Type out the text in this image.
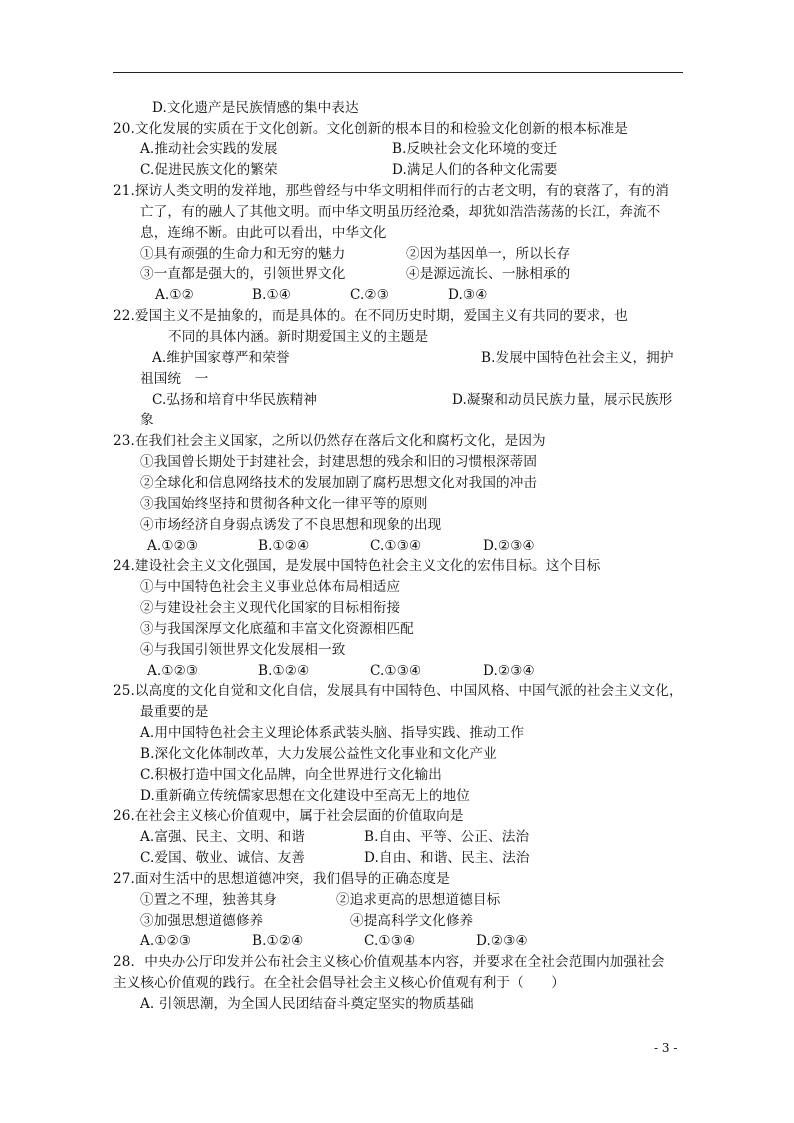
D.文化遗产是民族情感的集中表达
20.文化发展的实质在于文化创新。文化创新的根本目的和检验文化创新的根本标准是
A.推动社会实践的发展	B.反映社会文化环境的变迁
C.促进民族文化的繁荣	D.满足人们的各种文化需要
21.探访人类文明的发祥地，那些曾经与中华文明相伴而行的古老文明，有的衰落了，有的消
亡了，有的融人了其他文明。而中华文明虽历经沧桑，却犹如浩浩荡荡的长江，奔流不
息，连绵不断。由此可以看出，中华文化
①具有顽强的生命力和无穷的魅力	②因为基因单一，所以长存
③一直都是强大的，引领世界文化	④是源远流长、一脉相承的
A.①②	B.①④	C.②③	D.③④
22.爱国主义不是抽象的，而是具体的。在不同历史时期，爱国主义有共同的要求，也
不同的具体内涵。新时期爱国主义的主题是
A.维护国家尊严和荣誉	B.发展中国特色社会主义，拥护
祖国统　一
C.弘扬和培育中华民族精神	D.凝聚和动员民族力量，展示民族形
象
23.在我们社会主义国家，之所以仍然存在落后文化和腐朽文化，是因为
①我国曾长期处于封建社会，封建思想的残余和旧的习惯根深蒂固
②全球化和信息网络技术的发展加剧了腐朽思想文化对我国的冲击
③我国始终坚持和贯彻各种文化一律平等的原则
④市场经济自身弱点诱发了不良思想和现象的出现
A.①②③	B.①②④	C.①③④	D.②③④
24.建设社会主义文化强国，是发展中国特色社会主义文化的宏伟目标。这个目标
①与中国特色社会主义事业总体布局相适应
②与建设社会主义现代化国家的目标相衔接
③与我国深厚文化底蕴和丰富文化资源相匹配
④与我国引领世界文化发展相一致
A.①②③	B.①②④	C.①③④	D.②③④
25.以高度的文化自觉和文化自信，发展具有中国特色、中国风格、中国气派的社会主义文化，
最重要的是
A.用中国特色社会主义理论体系武装头脑、指导实践、推动工作
B.深化文化体制改革，大力发展公益性文化事业和文化产业
C.积极打造中国文化品牌，向全世界进行文化输出
D.重新确立传统儒家思想在文化建设中至高无上的地位
26.在社会主义核心价值观中，属于社会层面的价值取向是
A.富强、民主、文明、和谐	B.自由、平等、公正、法治
C.爱国、敬业、诚信、友善	D.自由、和谐、民主、法治
27.面对生活中的思想道德冲突，我们倡导的正确态度是
①置之不理，独善其身	②追求更高的思想道德目标
③加强思想道德修养	④提高科学文化修养
A.①②③	B.①②④	C.①③④	D.②③④
28．中央办公厅印发并公布社会主义核心价值观基本内容，并要求在全社会范围内加强社会
主义核心价值观的践行。在全社会倡导社会主义核心价值观有利于（　　）
A. 引领思潮，为全国人民团结奋斗奠定坚实的物质基础
- 3 -
